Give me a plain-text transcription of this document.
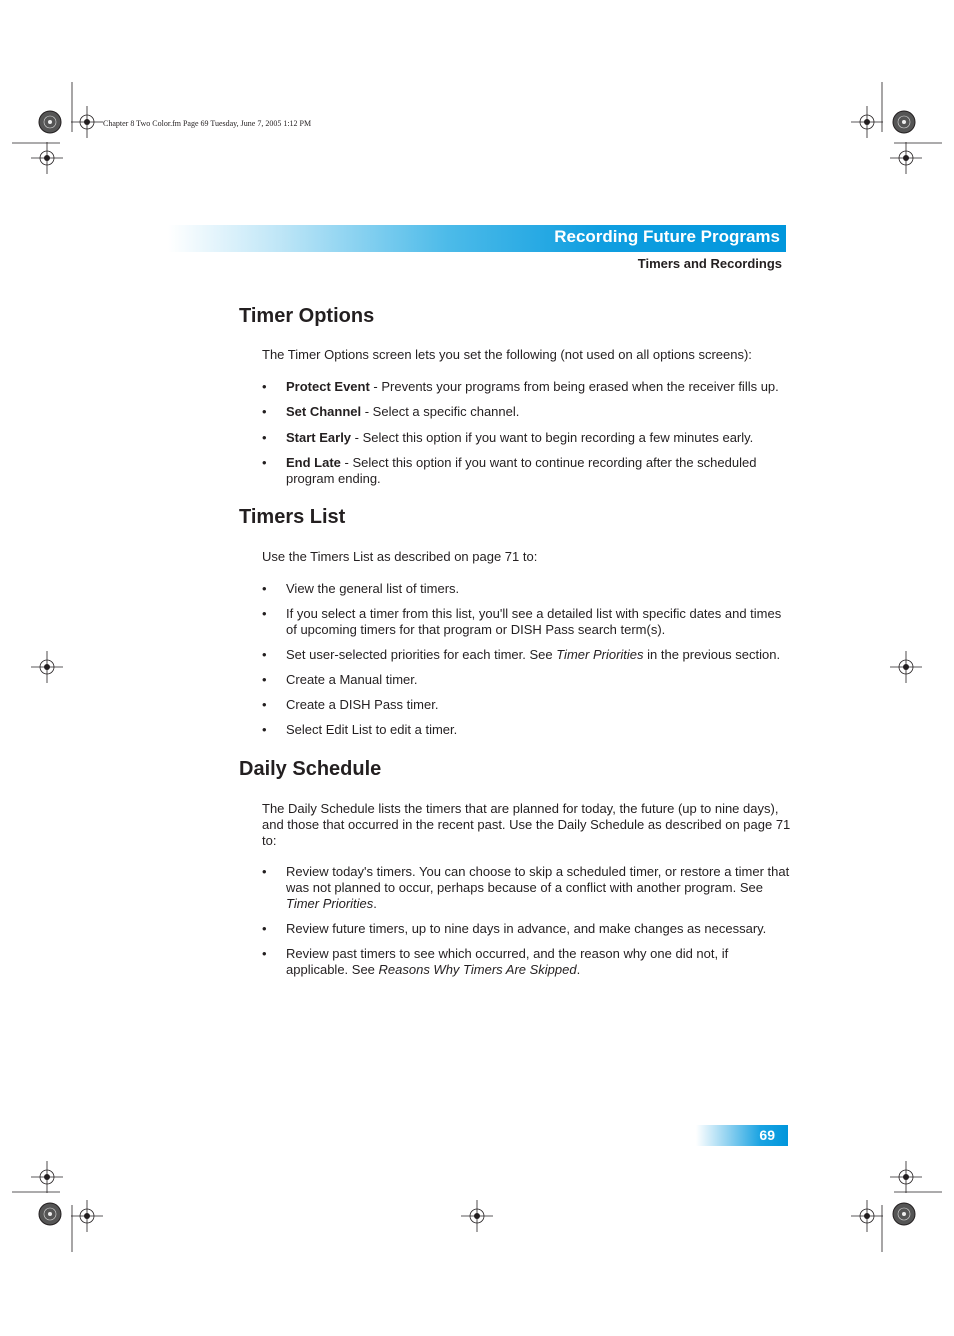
Chapter 8 Two Color.fm Page 69 Tuesday, June 7, 2005 1:12 PM
Recording Future Programs
Timers and Recordings
Timer Options

The Timer Options screen lets you set the following (not used on all options screens):

• Protect Event - Prevents your programs from being erased when the receiver fills up.
• Set Channel - Select a specific channel.
• Start Early - Select this option if you want to begin recording a few minutes early.
• End Late - Select this option if you want to continue recording after the scheduled program ending.
Timers List

Use the Timers List as described on page 71 to:

• View the general list of timers.
• If you select a timer from this list, you'll see a detailed list with specific dates and times of upcoming timers for that program or DISH Pass search term(s).
• Set user-selected priorities for each timer. See Timer Priorities in the previous section.
• Create a Manual timer.
• Create a DISH Pass timer.
• Select Edit List to edit a timer.
Daily Schedule

The Daily Schedule lists the timers that are planned for today, the future (up to nine days), and those that occurred in the recent past. Use the Daily Schedule as described on page 71 to:

• Review today's timers. You can choose to skip a scheduled timer, or restore a timer that was not planned to occur, perhaps because of a conflict with another program. See Timer Priorities.
• Review future timers, up to nine days in advance, and make changes as necessary.
• Review past timers to see which occurred, and the reason why one did not, if applicable. See Reasons Why Timers Are Skipped.
69
